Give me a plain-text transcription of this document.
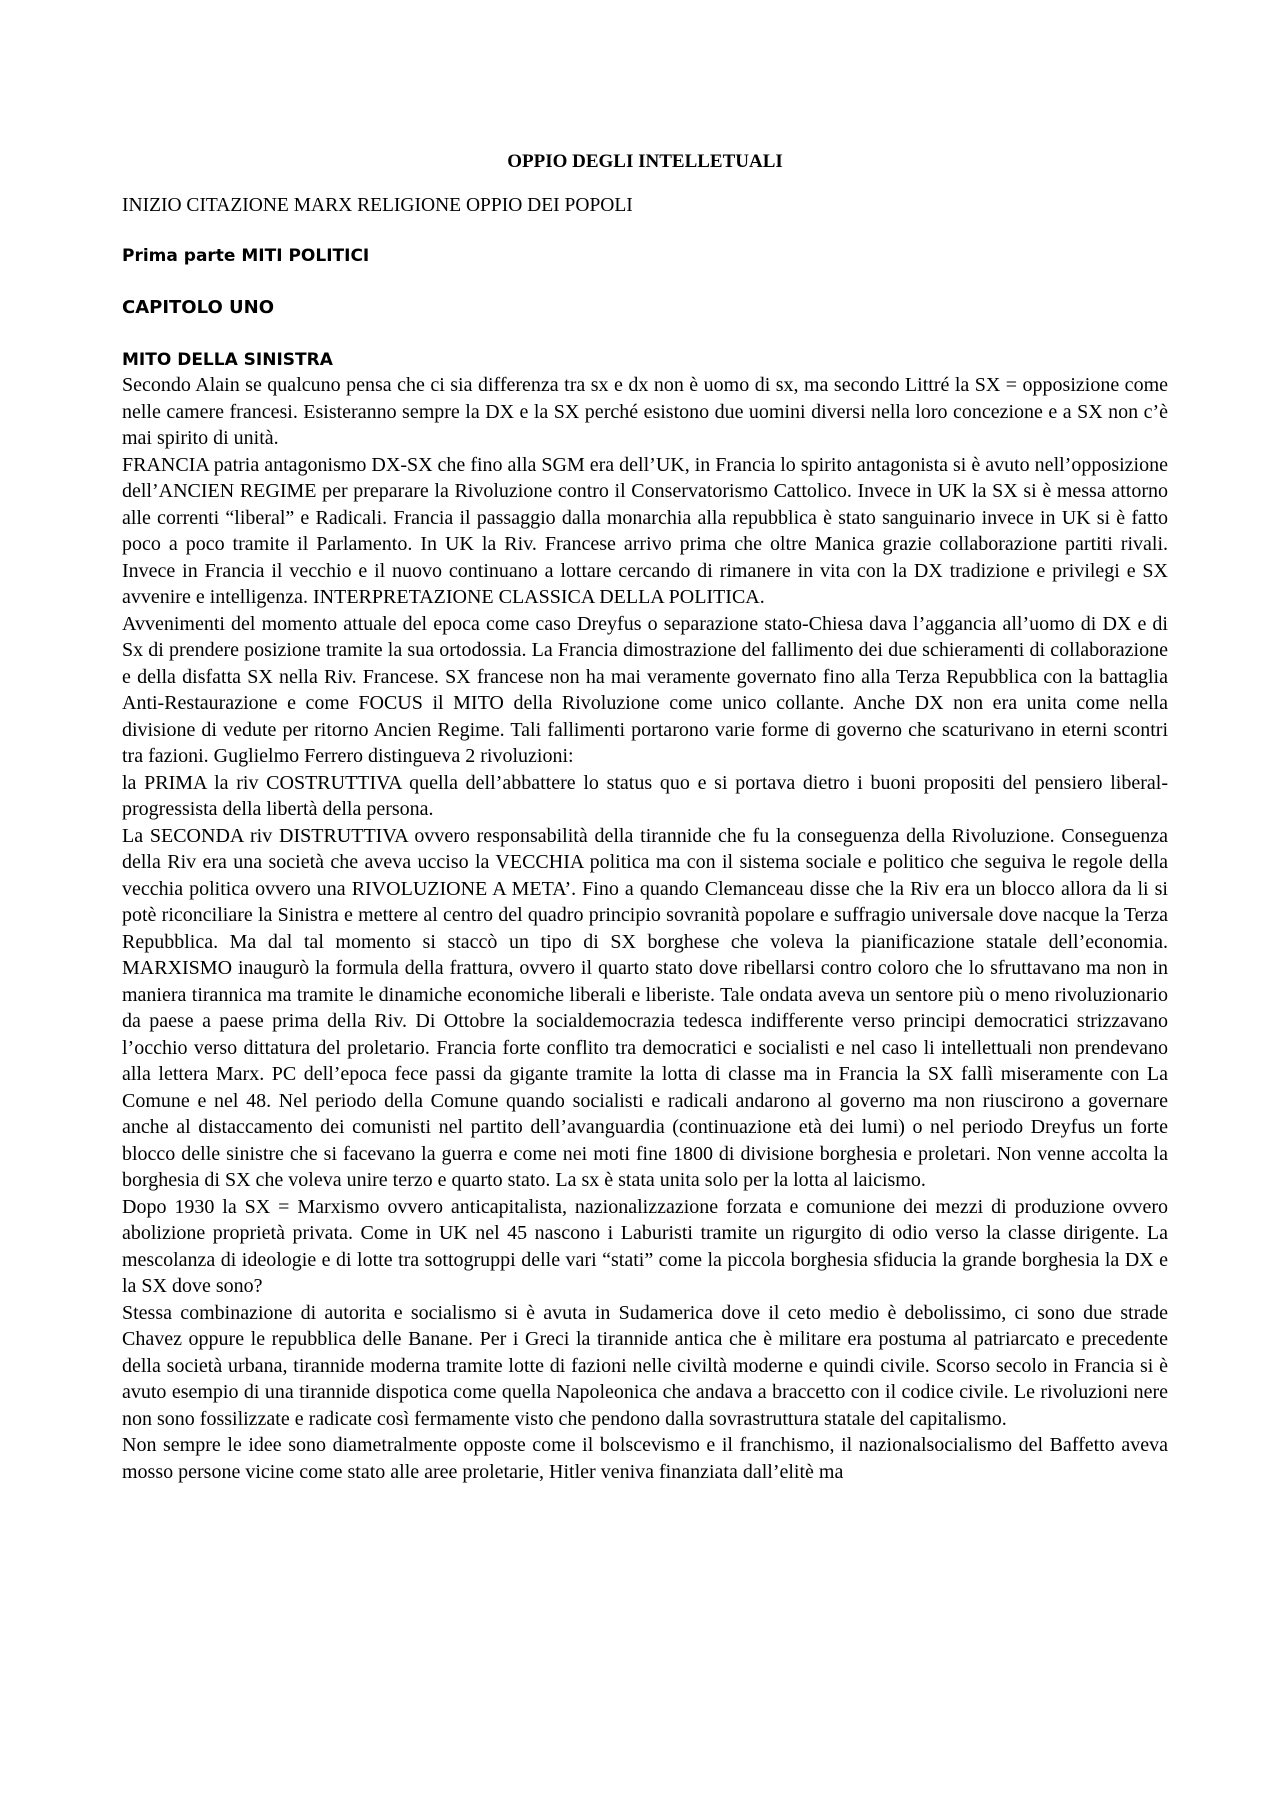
OPPIO DEGLI INTELLETUALI
INIZIO CITAZIONE MARX RELIGIONE OPPIO DEI POPOLI
Prima parte MITI POLITICI
CAPITOLO UNO
MITO DELLA SINISTRA

Secondo Alain se qualcuno pensa che ci sia differenza tra sx e dx non è uomo di sx, ma secondo Littré la SX = opposizione come nelle camere francesi. Esisteranno sempre la DX e la SX perché esistono due uomini diversi nella loro concezione e a SX non c’è mai spirito di unità.

FRANCIA patria antagonismo DX-SX che fino alla SGM era dell’UK, in Francia lo spirito antagonista si è avuto nell’opposizione dell’ANCIEN REGIME per preparare la Rivoluzione contro il Conservatorismo Cattolico. Invece in UK la SX si è messa attorno alle correnti “liberal” e Radicali. Francia il passaggio dalla monarchia alla repubblica è stato sanguinario invece in UK si è fatto poco a poco tramite il Parlamento. In UK la Riv. Francese arrivo prima che oltre Manica grazie collaborazione partiti rivali. Invece in Francia il vecchio e il nuovo continuano a lottare cercando di rimanere in vita con la DX tradizione e privilegi e SX avvenire e intelligenza. INTERPRETAZIONE CLASSICA DELLA POLITICA.

Avvenimenti del momento attuale del epoca come caso Dreyfus o separazione stato-Chiesa dava l’aggancia all’uomo di DX e di Sx di prendere posizione tramite la sua ortodossia. La Francia dimostrazione del fallimento dei due schieramenti di collaborazione e della disfatta SX nella Riv. Francese. SX francese non ha mai veramente governato fino alla Terza Repubblica con la battaglia Anti-Restaurazione e come FOCUS il MITO della Rivoluzione come unico collante. Anche DX non era unita come nella divisione di vedute per ritorno Ancien Regime. Tali fallimenti portarono varie forme di governo che scaturivano in eterni scontri tra fazioni. Guglielmo Ferrero distingueva 2 rivoluzioni:

la PRIMA la riv COSTRUTTIVA quella dell’abbattere lo status quo e si portava dietro i buoni propositi del pensiero liberal-progressista della libertà della persona.

La SECONDA riv DISTRUTTIVA ovvero responsabilità della tirannide che fu la conseguenza della Rivoluzione. Conseguenza della Riv era una società che aveva ucciso la VECCHIA politica ma con il sistema sociale e politico che seguiva le regole della vecchia politica ovvero una RIVOLUZIONE A META’. Fino a quando Clemanceau disse che la Riv era un blocco allora da li si potè riconciliare la Sinistra e mettere al centro del quadro principio sovranità popolare e suffragio universale dove nacque la Terza Repubblica. Ma dal tal momento si staccò un tipo di SX borghese che voleva la pianificazione statale dell’economia. MARXISMO inaugurò la formula della frattura, ovvero il quarto stato dove ribellarsi contro coloro che lo sfruttavano ma non in maniera tirannica ma tramite le dinamiche economiche liberali e liberiste. Tale ondata aveva un sentore più o meno rivoluzionario da paese a paese prima della Riv. Di Ottobre la socialdemocrazia tedesca indifferente verso principi democratici strizzavano l’occhio verso dittatura del proletario. Francia forte conflito tra democratici e socialisti e nel caso li intellettuali non prendevano alla lettera Marx. PC dell’epoca fece passi da gigante tramite la lotta di classe ma in Francia la SX fallì miseramente con La Comune e nel 48. Nel periodo della Comune quando socialisti e radicali andarono al governo ma non riuscirono a governare anche al distaccamento dei comunisti nel partito dell’avanguardia (continuazione età dei lumi) o nel periodo Dreyfus un forte blocco delle sinistre che si facevano la guerra e come nei moti fine 1800 di divisione borghesia e proletari. Non venne accolta la borghesia di SX che voleva unire terzo e quarto stato. La sx è stata unita solo per la lotta al laicismo.

Dopo 1930 la SX = Marxismo ovvero anticapitalista, nazionalizzazione forzata e comunione dei mezzi di produzione ovvero abolizione proprietà privata. Come in UK nel 45 nascono i Laburisti tramite un rigurgito di odio verso la classe dirigente. La mescolanza di ideologie e di lotte tra sottogruppi delle vari “stati” come la piccola borghesia sfiducia la grande borghesia la DX e la SX dove sono?

Stessa combinazione di autorita e socialismo si è avuta in Sudamerica dove il ceto medio è debolissimo, ci sono due strade Chavez oppure le repubblica delle Banane. Per i Greci la tirannide antica che è militare era postuma al patriarcato e precedente della società urbana, tirannide moderna tramite lotte di fazioni nelle civiltà moderne e quindi civile. Scorso secolo in Francia si è avuto esempio di una tirannide dispotica come quella Napoleonica che andava a braccetto con il codice civile. Le rivoluzioni nere non sono fossilizzate e radicate così fermamente visto che pendono dalla sovrastruttura statale del capitalismo.

Non sempre le idee sono diametralmente opposte come il bolscevismo e il franchismo, il nazionalsocialismo del Baffetto aveva mosso persone vicine come stato alle aree proletarie, Hitler veniva finanziata dall’elitè ma
